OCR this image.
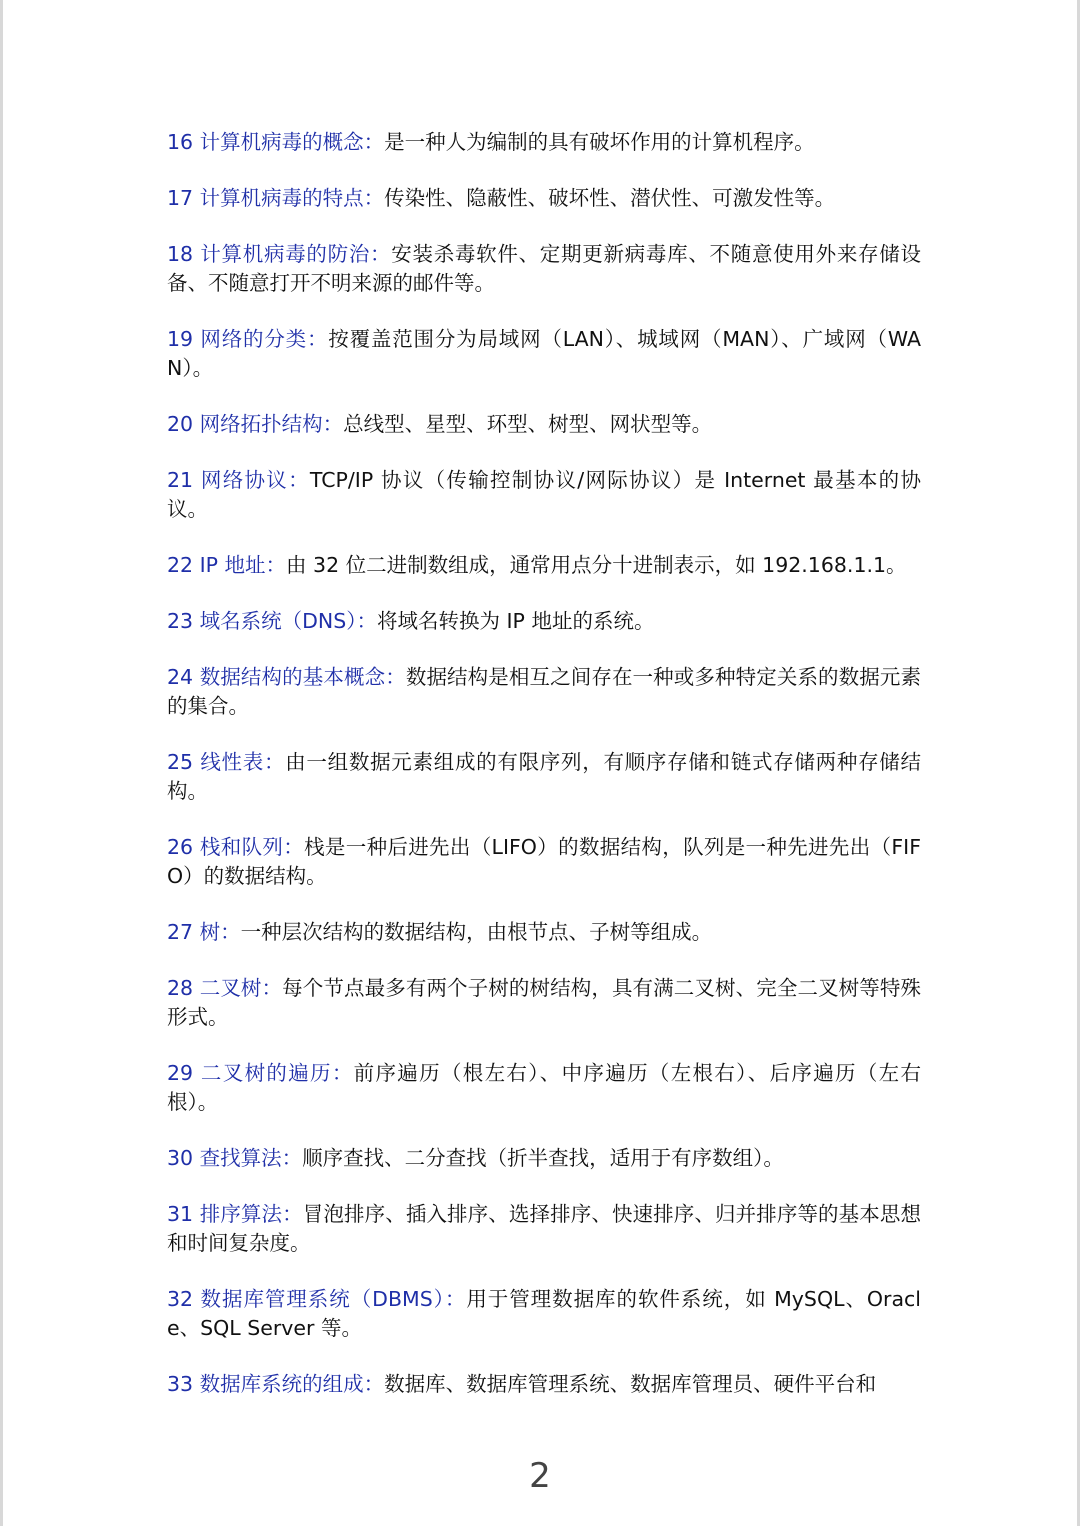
16 计算机病毒的概念：是一种人为编制的具有破坏作用的计算机程序。
17 计算机病毒的特点：传染性、隐蔽性、破坏性、潜伏性、可激发性等。
18 计算机病毒的防治：安装杀毒软件、定期更新病毒库、不随意使用外来存储设备、不随意打开不明来源的邮件等。
19 网络的分类：按覆盖范围分为局域网（LAN）、城域网（MAN）、广域网（WAN）。
20 网络拓扑结构：总线型、星型、环型、树型、网状型等。
21 网络协议：TCP/IP 协议（传输控制协议/网际协议）是 Internet 最基本的协议。
22 IP 地址：由 32 位二进制数组成，通常用点分十进制表示，如 192.168.1.1。
23 域名系统（DNS）：将域名转换为 IP 地址的系统。
24 数据结构的基本概念：数据结构是相互之间存在一种或多种特定关系的数据元素的集合。
25 线性表：由一组数据元素组成的有限序列，有顺序存储和链式存储两种存储结构。
26 栈和队列：栈是一种后进先出（LIFO）的数据结构，队列是一种先进先出（FIFO）的数据结构。
27 树：一种层次结构的数据结构，由根节点、子树等组成。
28 二叉树：每个节点最多有两个子树的树结构，具有满二叉树、完全二叉树等特殊形式。
29 二叉树的遍历：前序遍历（根左右）、中序遍历（左根右）、后序遍历（左右根）。
30 查找算法：顺序查找、二分查找（折半查找，适用于有序数组）。
31 排序算法：冒泡排序、插入排序、选择排序、快速排序、归并排序等的基本思想和时间复杂度。
32 数据库管理系统（DBMS）：用于管理数据库的软件系统，如 MySQL、Oracle、SQL Server 等。
33 数据库系统的组成：数据库、数据库管理系统、数据库管理员、硬件平台和
2
